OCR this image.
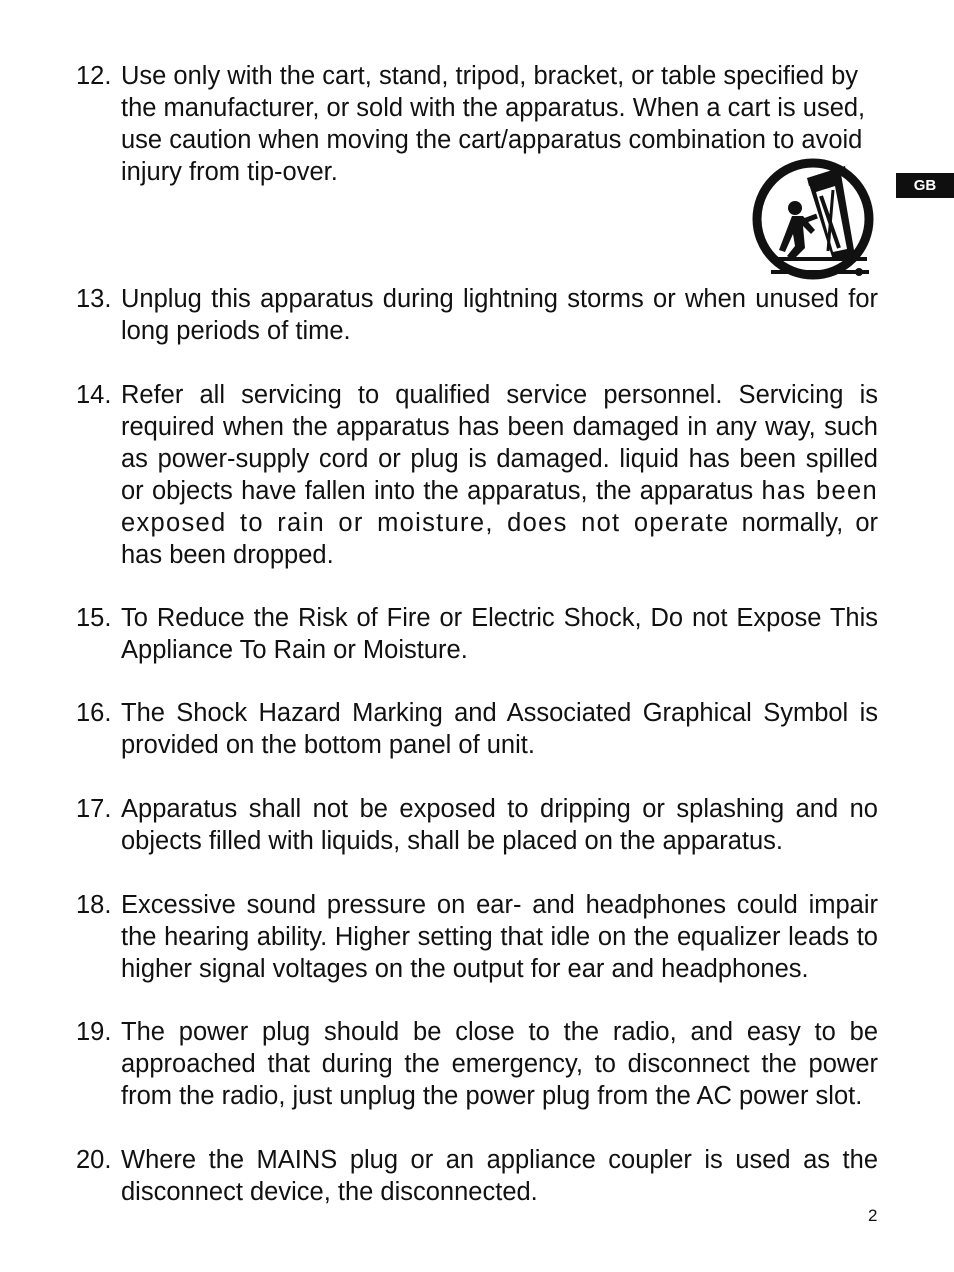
12. Use only with the cart, stand, tripod, bracket, or table specified by the manufacturer, or sold with the apparatus. When a cart is used, use caution when moving the cart/apparatus combination to avoid injury from tip-over.
13. Unplug this apparatus during lightning storms or when unused for long periods of time.
14. Refer all servicing to qualified service personnel. Servicing is required when the apparatus has been damaged in any way, such as power-supply cord or plug is damaged. liquid has been spilled or objects have fallen into the apparatus, the apparatus has been exposed to rain or moisture, does not operate normally, or has been dropped.
15. To Reduce the Risk of Fire or Electric Shock, Do not Expose This Appliance To Rain or Moisture.
16. The Shock Hazard Marking and Associated Graphical Symbol is provided on the bottom panel of unit.
17. Apparatus shall not be exposed to dripping or splashing and no objects filled with liquids, shall be placed on the apparatus.
18. Excessive sound pressure on ear- and headphones could impair the hearing ability. Higher setting that idle on the equalizer leads to higher signal voltages on the output for ear and headphones.
19. The power plug should be close to the radio, and easy to be approached that during the emergency, to disconnect the power from the radio, just unplug the power plug from the AC power slot.
20. Where the MAINS plug or an appliance coupler is used as the disconnect device, the disconnected.
GB
2
